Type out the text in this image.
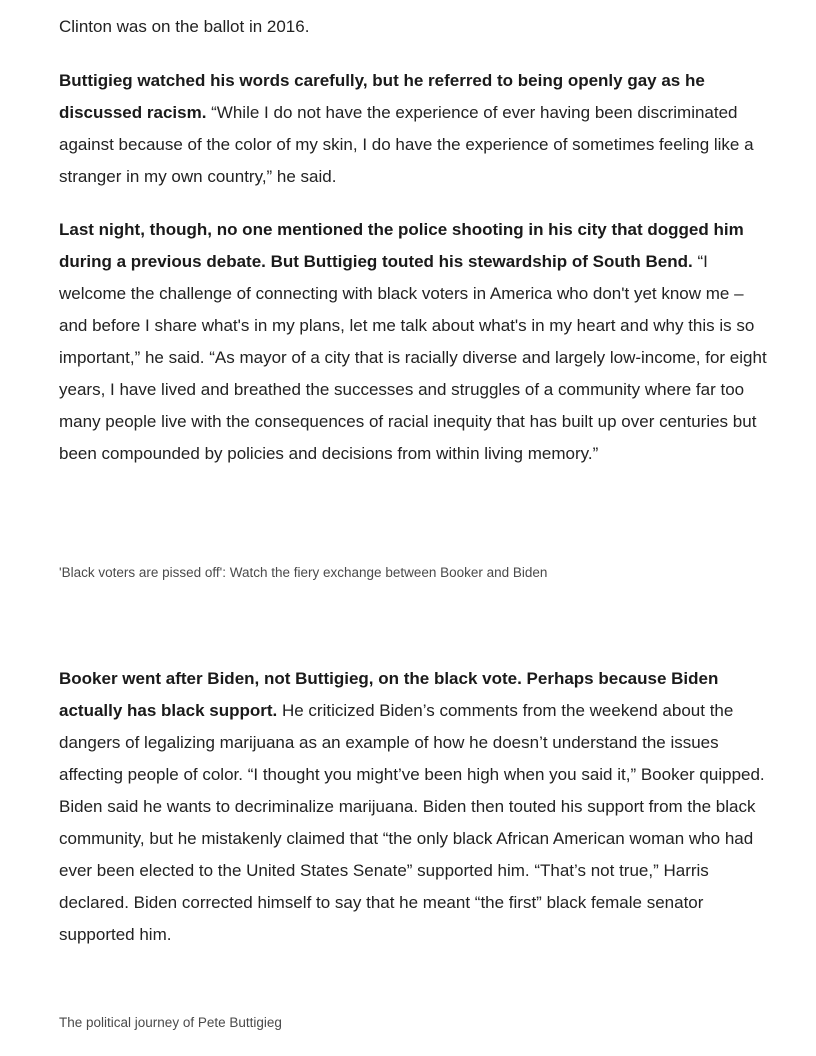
Clinton was on the ballot in 2016.

Buttigieg watched his words carefully, but he referred to being openly gay as he discussed racism. “While I do not have the experience of ever having been discriminated against because of the color of my skin, I do have the experience of sometimes feeling like a stranger in my own country,” he said.

Last night, though, no one mentioned the police shooting in his city that dogged him during a previous debate. But Buttigieg touted his stewardship of South Bend. “I welcome the challenge of connecting with black voters in America who don't yet know me – and before I share what's in my plans, let me talk about what's in my heart and why this is so important,” he said. “As mayor of a city that is racially diverse and largely low-income, for eight years, I have lived and breathed the successes and struggles of a community where far too many people live with the consequences of racial inequity that has built up over centuries but been compounded by policies and decisions from within living memory.”

'Black voters are pissed off': Watch the fiery exchange between Booker and Biden

Booker went after Biden, not Buttigieg, on the black vote. Perhaps because Biden actually has black support. He criticized Biden’s comments from the weekend about the dangers of legalizing marijuana as an example of how he doesn’t understand the issues affecting people of color. “I thought you might’ve been high when you said it,” Booker quipped. Biden said he wants to decriminalize marijuana. Biden then touted his support from the black community, but he mistakenly claimed that “the only black African American woman who had ever been elected to the United States Senate” supported him. “That’s not true,” Harris declared. Biden corrected himself to say that he meant “the first” black female senator supported him.

The political journey of Pete Buttigieg
